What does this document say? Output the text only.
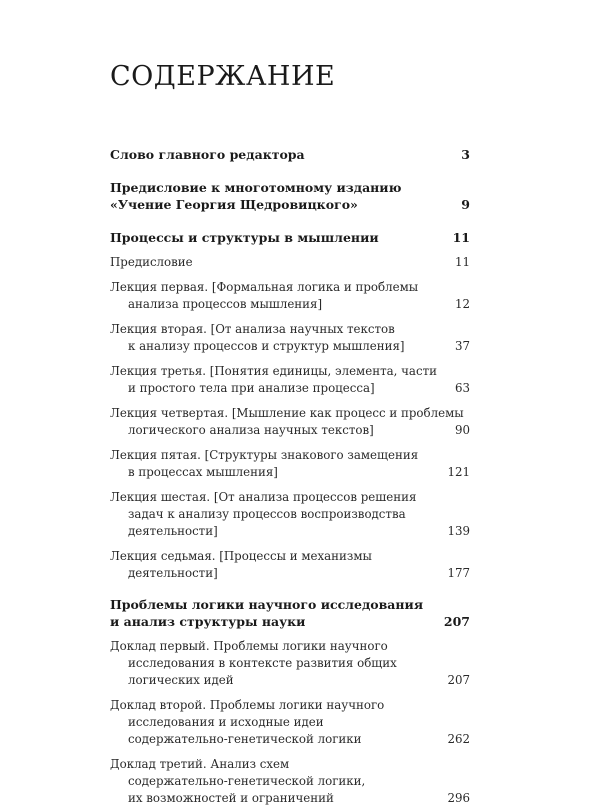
СОДЕРЖАНИЕ
Слово главного редактора	3
Предисловие к многотомному изданию
«Учение Георгия Щедровицкого»	9
Процессы и структуры в мышлении	11
Предисловие	11
Лекция первая. [Формальная логика и проблемы
анализа процессов мышления]	12
Лекция вторая. [От анализа научных текстов
к анализу процессов и структур мышления]	37
Лекция третья. [Понятия единицы, элемента, части
и простого тела при анализе процесса]	63
Лекция четвертая. [Мышление как процесс и проблемы
логического анализа научных текстов]	90
Лекция пятая. [Структуры знакового замещения
в процессах мышления]	121
Лекция шестая. [От анализа процессов решения
задач к анализу процессов воспроизводства
деятельности]	139
Лекция седьмая. [Процессы и механизмы
деятельности]	177
Проблемы логики научного исследования
и анализ структуры науки	207
Доклад первый. Проблемы логики научного
исследования в контексте развития общих
логических идей	207
Доклад второй. Проблемы логики научного
исследования и исходные идеи
содержательно-генетической логики	262
Доклад третий. Анализ схем
содержательно-генетической логики,
их возможностей и ограничений	296
